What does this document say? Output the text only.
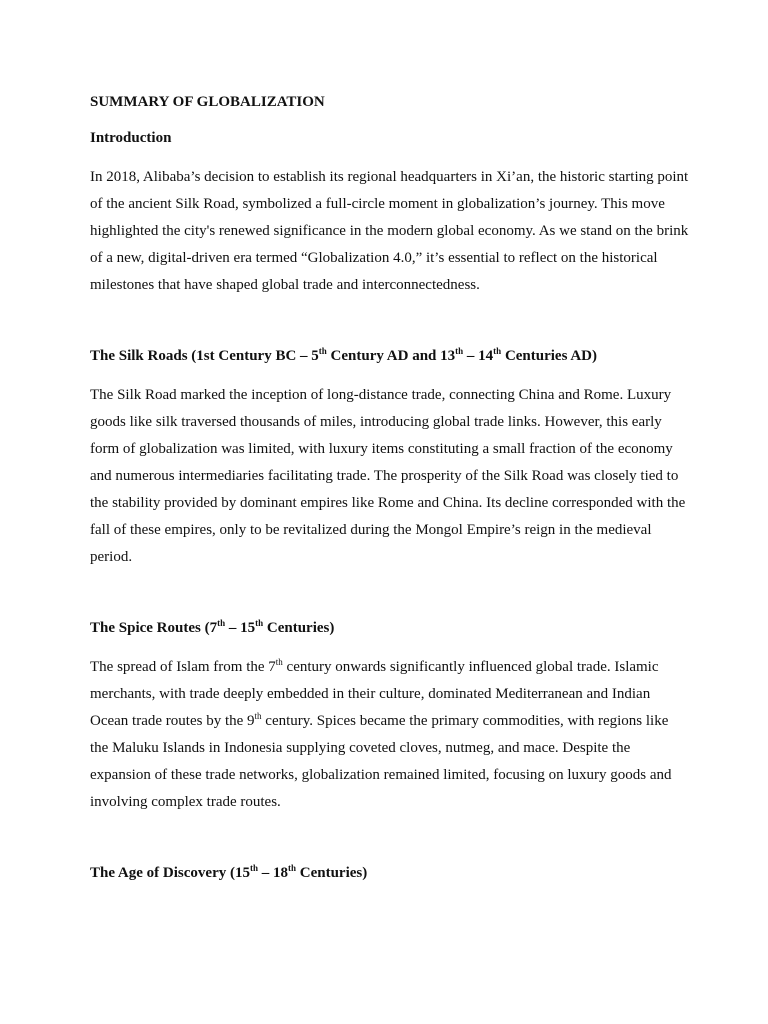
SUMMARY OF GLOBALIZATION
Introduction

In 2018, Alibaba’s decision to establish its regional headquarters in Xi’an, the historic starting point of the ancient Silk Road, symbolized a full-circle moment in globalization’s journey. This move highlighted the city's renewed significance in the modern global economy. As we stand on the brink of a new, digital-driven era termed “Globalization 4.0,” it’s essential to reflect on the historical milestones that have shaped global trade and interconnectedness.

The Silk Roads (1st Century BC – 5th Century AD and 13th – 14th Centuries AD)

The Silk Road marked the inception of long-distance trade, connecting China and Rome. Luxury goods like silk traversed thousands of miles, introducing global trade links. However, this early form of globalization was limited, with luxury items constituting a small fraction of the economy and numerous intermediaries facilitating trade. The prosperity of the Silk Road was closely tied to the stability provided by dominant empires like Rome and China. Its decline corresponded with the fall of these empires, only to be revitalized during the Mongol Empire’s reign in the medieval period.

The Spice Routes (7th – 15th Centuries)

The spread of Islam from the 7th century onwards significantly influenced global trade. Islamic merchants, with trade deeply embedded in their culture, dominated Mediterranean and Indian Ocean trade routes by the 9th century. Spices became the primary commodities, with regions like the Maluku Islands in Indonesia supplying coveted cloves, nutmeg, and mace. Despite the expansion of these trade networks, globalization remained limited, focusing on luxury goods and involving complex trade routes.

The Age of Discovery (15th – 18th Centuries)
